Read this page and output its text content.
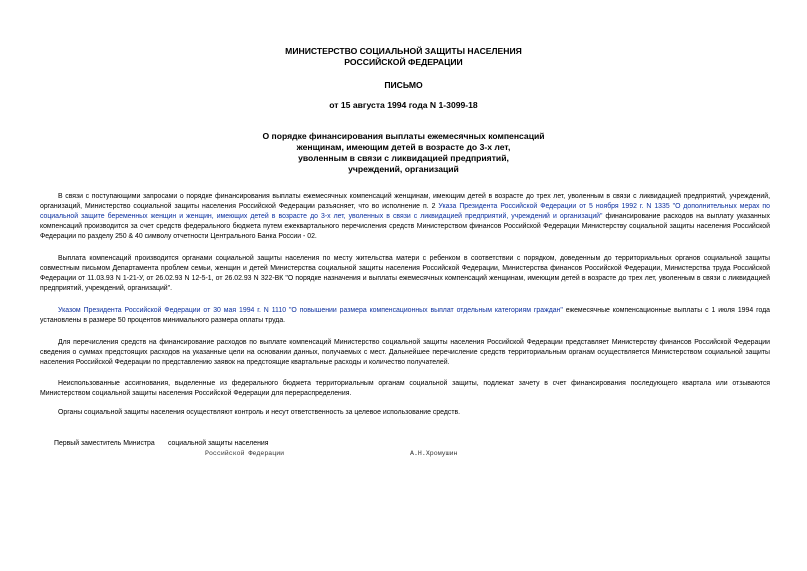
МИНИСТЕРСТВО СОЦИАЛЬНОЙ ЗАЩИТЫ НАСЕЛЕНИЯ
РОССИЙСКОЙ ФЕДЕРАЦИИ
ПИСЬМО
от 15 августа 1994 года N 1-3099-18
О порядке финансирования выплаты ежемесячных компенсаций
женщинам, имеющим детей в возрасте до 3-х лет,
уволенным в связи с ликвидацией предприятий,
учреждений, организаций
В связи с поступающими запросами о порядке финансирования выплаты ежемесячных компенсаций женщинам, имеющим детей в возрасте до трех лет, уволенным в связи с ликвидацией предприятий, учреждений, организаций, Министерство социальной защиты населения Российской Федерации разъясняет, что во исполнение п. 2 Указа Президента Российской Федерации от 5 ноября 1992 г. N 1335 "О дополнительных мерах по социальной защите беременных женщин и женщин, имеющих детей в возрасте до 3-х лет, уволенных в связи с ликвидацией предприятий, учреждений и организаций" финансирование расходов на выплату указанных компенсаций производится за счет средств федерального бюджета путем ежеквартального перечисления средств Министерством финансов Российской Федерации Министерству социальной защиты населения Российской Федерации по разделу 250 & 40 символу отчетности Центрального Банка России - 02.
Выплата компенсаций производится органами социальной защиты населения по месту жительства матери с ребенком в соответствии с порядком, доведенным до территориальных органов социальной защиты совместным письмом Департамента проблем семьи, женщин и детей Министерства социальной защиты населения Российской Федерации, Министерства финансов Российской Федерации, Министерства труда Российской Федерации от 11.03.93 N 1-21-У, от 26.02.93 N 12-5-1, от 26.02.93 N 322-ВК "О порядке назначения и выплаты ежемесячных компенсаций женщинам, имеющим детей в возрасте до трех лет, уволенным в связи с ликвидацией предприятий, учреждений, организаций".
Указом Президента Российской Федерации от 30 мая 1994 г. N 1110 "О повышении размера компенсационных выплат отдельным категориям граждан" ежемесячные компенсационные выплаты с 1 июля 1994 года установлены в размере 50 процентов минимального размера оплаты труда.
Для перечисления средств на финансирование расходов по выплате компенсаций Министерство социальной защиты населения Российской Федерации представляет Министерству финансов Российской Федерации сведения о суммах предстоящих расходов на указанные цели на основании данных, получаемых с мест. Дальнейшее перечисление средств территориальным органам осуществляется Министерством социальной защиты населения Российской Федерации по представлению заявок на предстоящие квартальные расходы и количество получателей.
Неиспользованные ассигнования, выделенные из федерального бюджета территориальным органам социальной защиты, подлежат зачету в счет финансирования последующего квартала или отзываются Министерством социальной защиты населения Российской Федерации для перераспределения.
Органы социальной защиты населения осуществляют контроль и несут ответственность за целевое использование средств.
Первый заместитель Министра социальной защиты населения
Российской Федерации	А.Н.Хромушин
